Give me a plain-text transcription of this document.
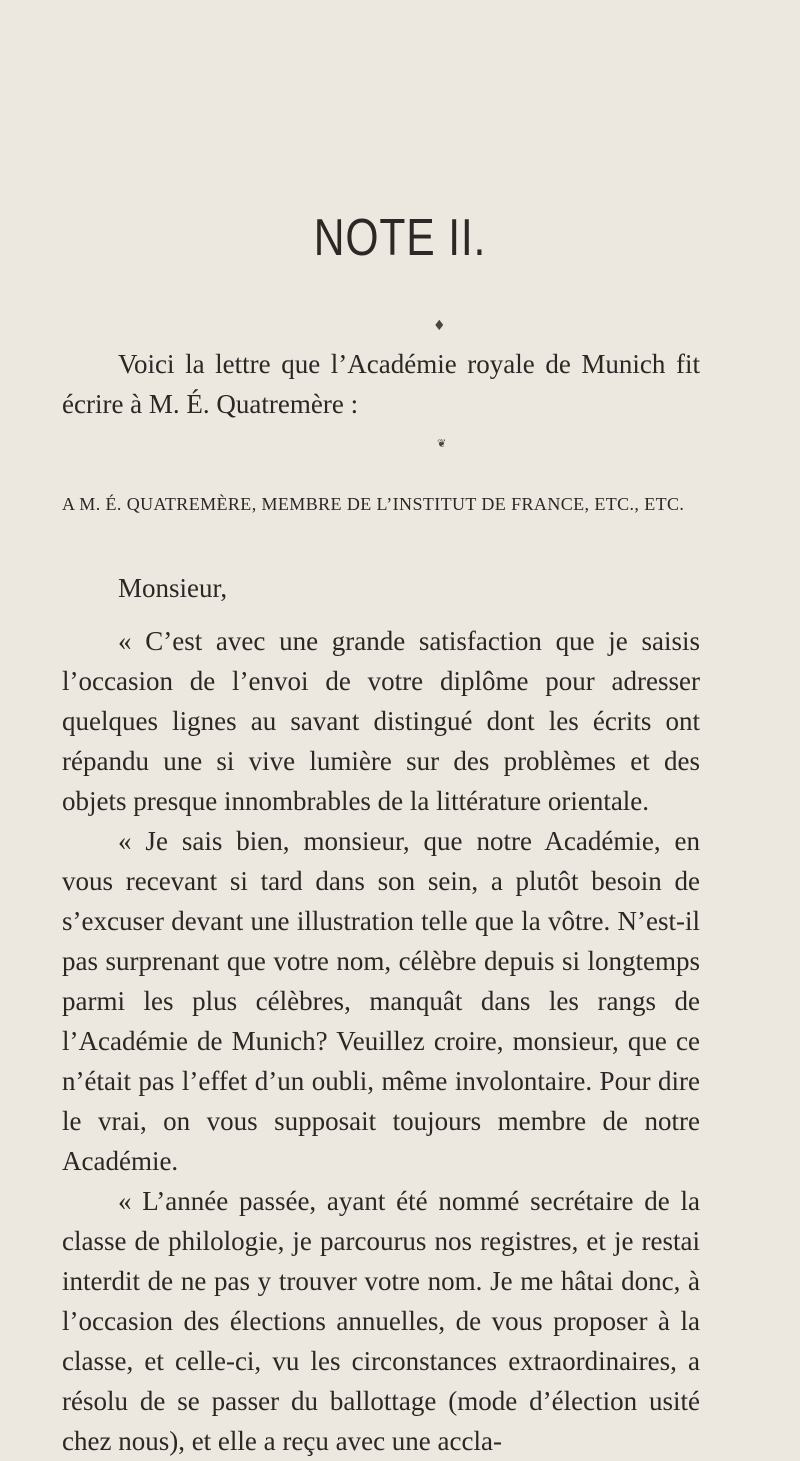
NOTE II.
♦

Voici la lettre que l’Académie royale de Munich fit écrire à M. É. Quatremère :

❦
A M. É. QUATREMÈRE, MEMBRE DE L’INSTITUT DE FRANCE, ETC., ETC.
Monsieur,

« C’est avec une grande satisfaction que je saisis l’occasion de l’envoi de votre diplôme pour adresser quelques lignes au savant distingué dont les écrits ont répandu une si vive lumière sur des problèmes et des objets presque innombrables de la littérature orientale.

« Je sais bien, monsieur, que notre Académie, en vous recevant si tard dans son sein, a plutôt besoin de s’excuser devant une illustration telle que la vôtre. N’est-il pas surprenant que votre nom, célèbre depuis si longtemps parmi les plus célèbres, manquât dans les rangs de l’Académie de Munich? Veuillez croire, monsieur, que ce n’était pas l’effet d’un oubli, même involontaire. Pour dire le vrai, on vous supposait toujours membre de notre Académie.

« L’année passée, ayant été nommé secrétaire de la classe de philologie, je parcourus nos registres, et je restai interdit de ne pas y trouver votre nom. Je me hâtai donc, à l’occasion des élections annuelles, de vous proposer à la classe, et celle-ci, vu les circonstances extraordinaires, a résolu de se passer du ballottage (mode d’élection usité chez nous), et elle a reçu avec une accla-
